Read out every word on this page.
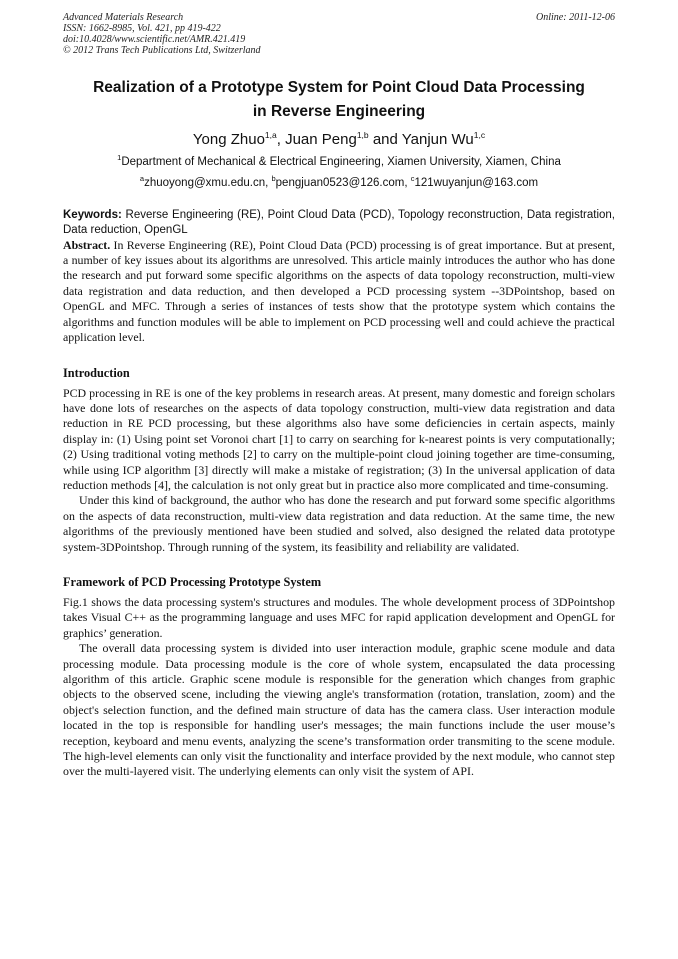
Advanced Materials Research
ISSN: 1662-8985, Vol. 421, pp 419-422
doi:10.4028/www.scientific.net/AMR.421.419
© 2012 Trans Tech Publications Ltd, Switzerland
Online: 2011-12-06
Realization of a Prototype System for Point Cloud Data Processing
in Reverse Engineering
Yong Zhuo$^{1,a}$, Juan Peng$^{1,b}$ and Yanjun Wu$^{1,c}$
$^1$Department of Mechanical & Electrical Engineering, Xiamen University, Xiamen, China
$^a$zhuoyong@xmu.edu.cn, $^b$pengjuan0523@126.com, $^c$121wuyanjun@163.com
Keywords: Reverse Engineering (RE), Point Cloud Data (PCD), Topology reconstruction, Data registration, Data reduction, OpenGL

Abstract. In Reverse Engineering (RE), Point Cloud Data (PCD) processing is of great importance. But at present, a number of key issues about its algorithms are unresolved. This article mainly introduces the author who has done the research and put forward some specific algorithms on the aspects of data topology reconstruction, multi-view data registration and data reduction, and then developed a PCD processing system --3DPointshop, based on OpenGL and MFC. Through a series of instances of tests show that the prototype system which contains the algorithms and function modules will be able to implement on PCD processing well and could achieve the practical application level.

Introduction

PCD processing in RE is one of the key problems in research areas. At present, many domestic and foreign scholars have done lots of researches on the aspects of data topology construction, multi-view data registration and data reduction in RE PCD processing, but these algorithms also have some deficiencies in certain aspects, mainly display in: (1) Using point set Voronoi chart [1] to carry on searching for k-nearest points is very computationally; (2) Using traditional voting methods [2] to carry on the multiple-point cloud joining together are time-consuming, while using ICP algorithm [3] directly will make a mistake of registration; (3) In the universal application of data reduction methods [4], the calculation is not only great but in practice also more complicated and time-consuming.

Under this kind of background, the author who has done the research and put forward some specific algorithms on the aspects of data reconstruction, multi-view data registration and data reduction. At the same time, the new algorithms of the previously mentioned have been studied and solved, also designed the related data prototype system-3DPointshop. Through running of the system, its feasibility and reliability are validated.

Framework of PCD Processing Prototype System

Fig.1 shows the data processing system's structures and modules. The whole development process of 3DPointshop takes Visual C++ as the programming language and uses MFC for rapid application development and OpenGL for graphics’ generation.

The overall data processing system is divided into user interaction module, graphic scene module and data processing module. Data processing module is the core of whole system, encapsulated the data processing algorithm of this article. Graphic scene module is responsible for the generation which changes from graphic objects to the observed scene, including the viewing angle's transformation (rotation, translation, zoom) and the object's selection function, and the defined main structure of data has the camera class. User interaction module located in the top is responsible for handling user's messages; the main functions include the user mouse’s reception, keyboard and menu events, analyzing the scene’s transformation order transmiting to the scene module. The high-level elements can only visit the functionality and interface provided by the next module, who cannot step over the multi-layered visit. The underlying elements can only visit the system of API.
